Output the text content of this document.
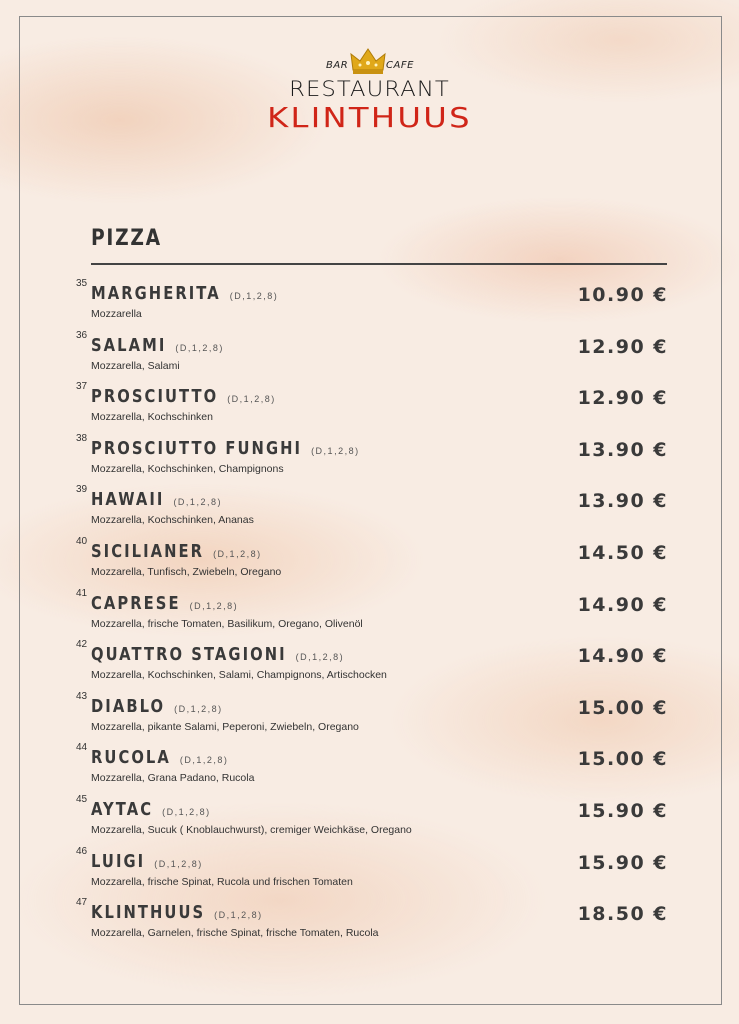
BAR	CAFE
RESTAURANT
KLINTHUUS
PIZZA
35 MARGHERITA (D,1,2,8)
Mozzarella
10.90 €
36 SALAMI (D,1,2,8)
Mozzarella, Salami
12.90 €
37 PROSCIUTTO (D,1,2,8)
Mozzarella, Kochschinken
12.90 €
38 PROSCIUTTO FUNGHI (D,1,2,8)
Mozzarella, Kochschinken, Champignons
13.90 €
39 HAWAII (D,1,2,8)
Mozzarella, Kochschinken, Ananas
13.90 €
40 SICILIANER (D,1,2,8)
Mozzarella, Tunfisch, Zwiebeln, Oregano
14.50 €
41 CAPRESE (D,1,2,8)
Mozzarella, frische Tomaten, Basilikum, Oregano, Olivenöl
14.90 €
42 QUATTRO STAGIONI (D,1,2,8)
Mozzarella, Kochschinken, Salami, Champignons, Artischocken
14.90 €
43 DIABLO (D,1,2,8)
Mozzarella, pikante Salami, Peperoni, Zwiebeln, Oregano
15.00 €
44 RUCOLA (D,1,2,8)
Mozzarella, Grana Padano, Rucola
15.00 €
45 AYTAC (D,1,2,8)
Mozzarella, Sucuk ( Knoblauchwurst), cremiger Weichkäse, Oregano
15.90 €
46 LUIGI (D,1,2,8)
Mozzarella, frische Spinat, Rucola und frischen Tomaten
15.90 €
47 KLINTHUUS (D,1,2,8)
Mozzarella, Garnelen, frische Spinat, frische Tomaten, Rucola
18.50 €
